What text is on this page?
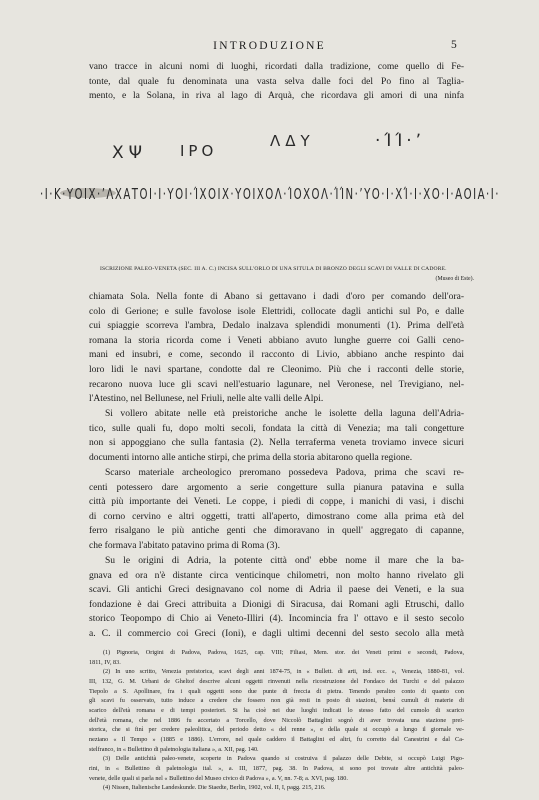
INTRODUZIONE	5
vano tracce in alcuni nomi di luoghi, ricordati dalla tradizione, come quello di Fe-
tonte, dal quale fu denominata una vasta selva dalle foci del Po fino al Taglia-
mento, e la Solana, in riva al lago di Arquà, che ricordava gli amori di una ninfa
ΧΨ ΙΡΟ
ΛΔΥ	·ΊΊ·ʼ
·Ι·Κ·ΥΟΙΧ·ʼΛΧΑΤΟΙ·Ι·ΥΟΙ·ΊΧΟΙΧ·ΥΟΙΧΟΛ·ΊΟΧΟΛ·ΊΊΝ·ʼΥΟ·Ι·ΧΊ·Ι·ΧΟ·Ι·ΑΟΙΑ·Ι·
ISCRIZIONE PALEO-VENETA (SEC. III A. C.) INCISA SULL'ORLO DI UNA SITULA DI BRONZO DEGLI SCAVI DI VALLE DI CADORE.
(Museo di Este).
chiamata Sola. Nella fonte di Abano si gettavano i dadi d'oro per comando dell'ora-
colo di Gerione; e sulle favolose isole Elettridi, collocate dagli antichi sul Po, e dalle
cui spiaggie scorreva l'ambra, Dedalo inalzava splendidi monumenti (1). Prima dell'età
romana la storia ricorda come i Veneti abbiano avuto lunghe guerre coi Galli ceno-
mani ed insubri, e come, secondo il racconto di Livio, abbiano anche respinto dai
loro lidi le navi spartane, condotte dal re Cleonimo. Più che i racconti delle storie,
recarono nuova luce gli scavi nell'estuario lagunare, nel Veronese, nel Trevigiano, nel-
l'Atestino, nel Bellunese, nel Friuli, nelle alte valli delle Alpi.
Si vollero abitate nelle età preistoriche anche le isolette della laguna dell'Adria-
tico, sulle quali fu, dopo molti secoli, fondata la città di Venezia; ma tali congetture
non si appoggiano che sulla fantasia (2). Nella terraferma veneta troviamo invece sicuri
documenti intorno alle antiche stirpi, che prima della storia abitarono quella regione.
Scarso materiale archeologico preromano possedeva Padova, prima che scavi re-
centi potessero dare argomento a serie congetture sulla pianura patavina e sulla
città più importante dei Veneti. Le coppe, i piedi di coppe, i manichi di vasi, i dischi
di corno cervino e altri oggetti, tratti all'aperto, dimostrano come alla prima età del
ferro risalgano le più antiche genti che dimoravano in quell' aggregato di capanne,
che formava l'abitato patavino prima di Roma (3).
Su le origini di Adria, la potente città ond' ebbe nome il mare che la ba-
gnava ed ora n'è distante circa venticinque chilometri, non molto hanno rivelato gli
scavi. Gli antichi Greci designavano col nome di Adria il paese dei Veneti, e la sua
fondazione è dai Greci attribuita a Dionigi di Siracusa, dai Romani agli Etruschi, dallo
storico Teopompo di Chio ai Veneto-Illiri (4). Incomincia fra l' ottavo e il sesto secolo
a. C. il commercio coi Greci (Ioni), e dagli ultimi decenni del sesto secolo alla metà
(1) Pignoria, Origini di Padova, Padova, 1625, cap. VIII; Filiasi, Mem. stor. dei Veneti primi e secondi, Padova,
1811, IV, 83.
(2) In uno scritto, Venezia preistorica, scavi degli anni 1874-75, in « Bullett. di arti, ind. ecc. », Venezia, 1880-81, vol.
III, 132, G. M. Urbani de Gheltof descrive alcuni oggetti rinvenuti nella ricostruzione del Fondaco dei Turchi e del palazzo
Tiepolo a S. Apollinare, fra i quali oggetti sono due punte di freccia di pietra. Tenendo peraltro conto di quanto con
gli scavi fu osservato, tutto induce a credere che fossero non già resti in posto di stazioni, bensì cumuli di materie di
scarico dell'età romana e di tempi posteriori. Si ha cioè nei due luoghi indicati lo stesso fatto del cumolo di scarico
dell'età romana, che nel 1886 fu accertato a Torcello, dove Niccolò Battaglini sognò di aver trovata una stazione prei-
storica, che si finì per credere paleolitica, del periodo detto « del renne », e della quale si occupò a lungo il giornale ve-
neziano « Il Tempo » (1885 e 1886). L'errore, nel quale caddero il Battaglini ed altri, fu corretto dal Canestrini e dal Ca-
stelfranco, in « Bullettino di paletnologia italiana », a. XII, pag. 140.
(3) Delle antichità paleo-venete, scoperte in Padova quando si costruiva il palazzo delle Debite, si occupò Luigi Pigo-
rini, in « Bullettino di paletnologia ital. », a. III, 1877, pag. 38. In Padova, si sono poi trovate altre antichità paleo-
venete, delle quali si parla nel « Bullettino del Museo civico di Padova », a. V, nn. 7-8; a. XVI, pag. 180.
(4) Nissen, Italienische Landeskunde. Die Staedte, Berlin, 1902, vol. II, I, pagg. 215, 216.
